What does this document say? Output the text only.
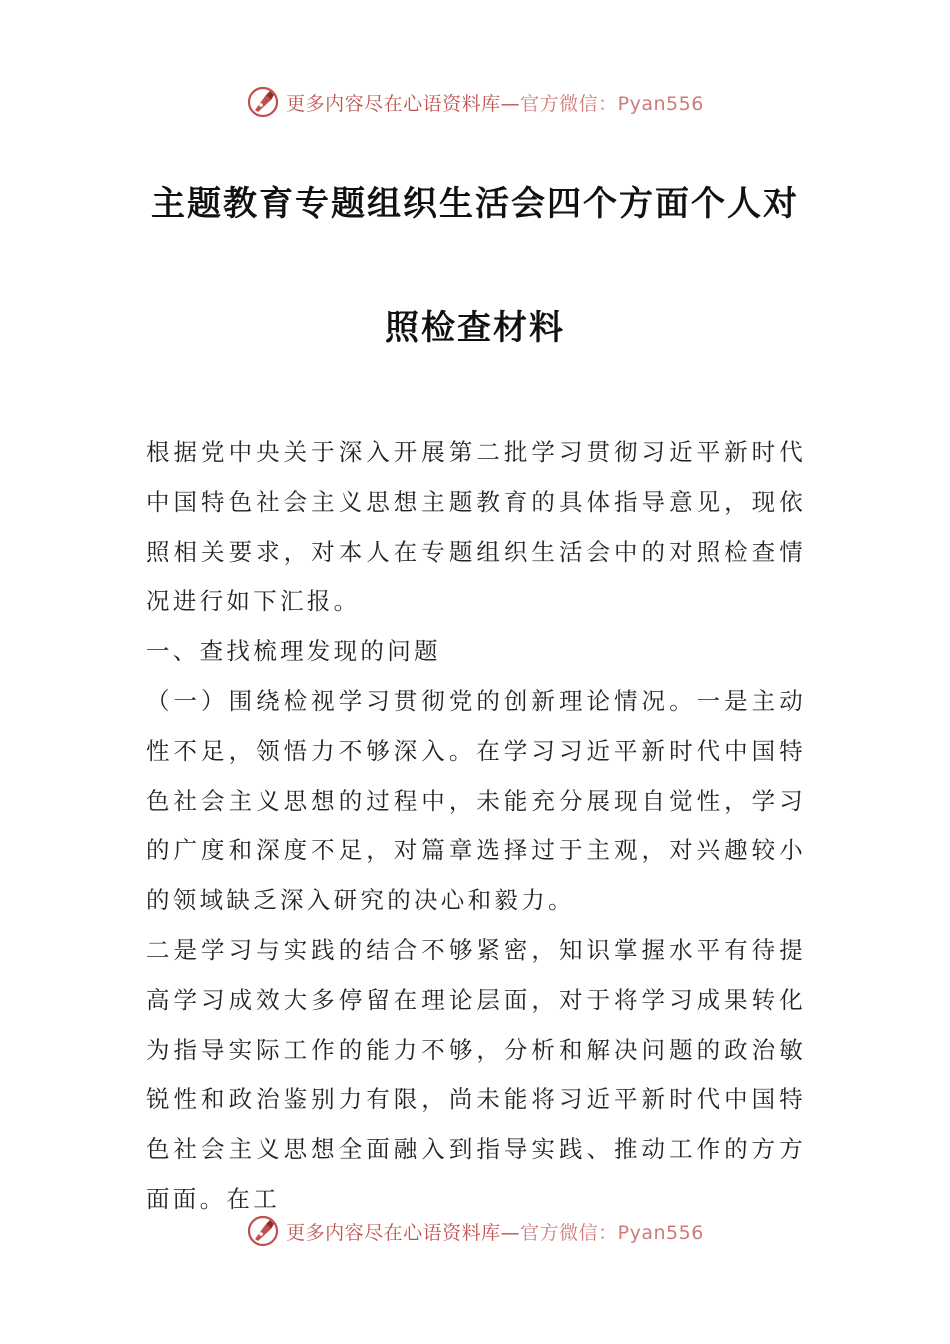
更多内容尽在心语资料库—官方微信：Pyan556
主题教育专题组织生活会四个方面个人对
照检查材料

根据党中央关于深入开展第二批学习贯彻习近平新时代中国特色社会主义思想主题教育的具体指导意见，现依照相关要求，对本人在专题组织生活会中的对照检查情况进行如下汇报。

一、查找梳理发现的问题

（一）围绕检视学习贯彻党的创新理论情况。一是主动性不足，领悟力不够深入。在学习习近平新时代中国特色社会主义思想的过程中，未能充分展现自觉性，学习的广度和深度不足，对篇章选择过于主观，对兴趣较小的领域缺乏深入研究的决心和毅力。

二是学习与实践的结合不够紧密，知识掌握水平有待提高学习成效大多停留在理论层面，对于将学习成果转化为指导实际工作的能力不够，分析和解决问题的政治敏锐性和政治鉴别力有限，尚未能将习近平新时代中国特色社会主义思想全面融入到指导实践、推动工作的方方面面。在工

更多内容尽在心语资料库—官方微信：Pyan556
